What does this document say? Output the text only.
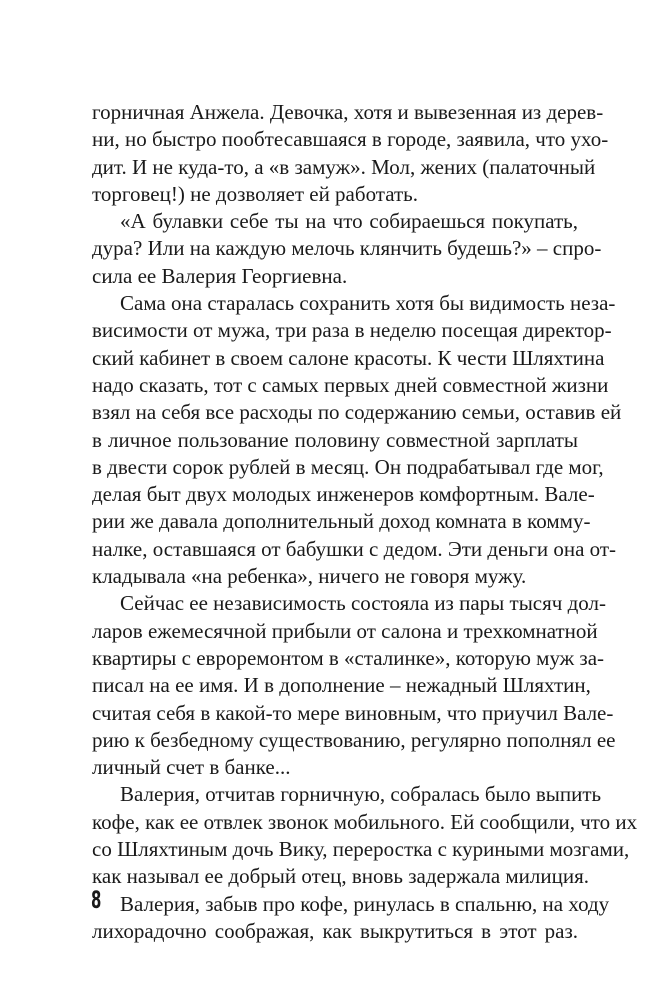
горничная Анжела. Девочка, хотя и вывезенная из дерев-
ни, но быстро пообтесавшаяся в городе, заявила, что ухо-
дит. И не куда-то, а «в замуж». Мол, жених (палаточный
торговец!) не дозволяет ей работать.
«А булавки себе ты на что собираешься покупать,
дура? Или на каждую мелочь клянчить будешь?» – спро-
сила ее Валерия Георгиевна.
Сама она старалась сохранить хотя бы видимость неза-
висимости от мужа, три раза в неделю посещая директор-
ский кабинет в своем салоне красоты. К чести Шляхтина
надо сказать, тот с самых первых дней совместной жизни
взял на себя все расходы по содержанию семьи, оставив ей
в личное пользование половину совместной зарплаты
в двести сорок рублей в месяц. Он подрабатывал где мог,
делая быт двух молодых инженеров комфортным. Вале-
рии же давала дополнительный доход комната в комму-
налке, оставшаяся от бабушки с дедом. Эти деньги она от-
кладывала «на ребенка», ничего не говоря мужу.
Сейчас ее независимость состояла из пары тысяч дол-
ларов ежемесячной прибыли от салона и трехкомнатной
квартиры с евроремонтом в «сталинке», которую муж за-
писал на ее имя. И в дополнение – нежадный Шляхтин,
считая себя в какой-то мере виновным, что приучил Вале-
рию к безбедному существованию, регулярно пополнял ее
личный счет в банке...
Валерия, отчитав горничную, собралась было выпить
кофе, как ее отвлек звонок мобильного. Ей сообщили, что их
со Шляхтиным дочь Вику, переростка с куриными мозгами,
как называл ее добрый отец, вновь задержала милиция.
Валерия, забыв про кофе, ринулась в спальню, на ходу
лихорадочно соображая, как выкрутиться в этот раз.
8
